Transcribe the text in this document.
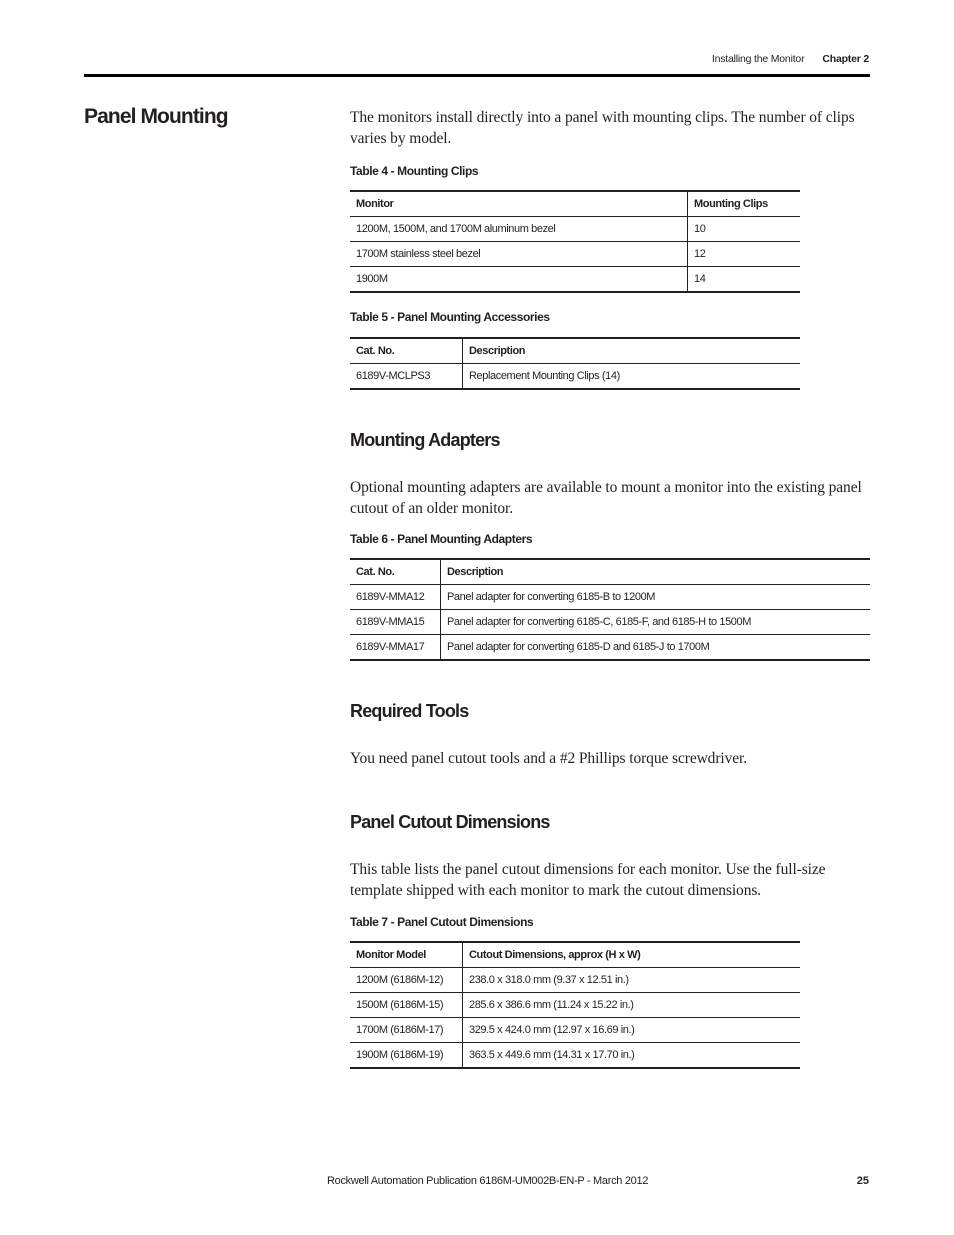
Installing the Monitor Chapter 2
Panel Mounting	The monitors install directly into a panel with mounting clips. The number of clips varies by model.

Table 4 - Mounting Clips
Monitor	Mounting Clips
1200M, 1500M, and 1700M aluminum bezel	10
1700M stainless steel bezel	12
1900M	14
Table 5 - Panel Mounting Accessories
Cat. No.	Description
6189V-MCLPS3	Replacement Mounting Clips (14)
Mounting Adapters

Optional mounting adapters are available to mount a monitor into the existing panel cutout of an older monitor.

Table 6 - Panel Mounting Adapters
Cat. No.	Description
6189V-MMA12	Panel adapter for converting 6185-B to 1200M
6189V-MMA15	Panel adapter for converting 6185-C, 6185-F, and 6185-H to 1500M
6189V-MMA17	Panel adapter for converting 6185-D and 6185-J to 1700M
Required Tools

You need panel cutout tools and a #2 Phillips torque screwdriver.

Panel Cutout Dimensions

This table lists the panel cutout dimensions for each monitor. Use the full-size template shipped with each monitor to mark the cutout dimensions.

Table 7 - Panel Cutout Dimensions
Monitor Model	Cutout Dimensions, approx (H x W)
1200M (6186M-12)	238.0 x 318.0 mm (9.37 x 12.51 in.)
1500M (6186M-15)	285.6 x 386.6 mm (11.24 x 15.22 in.)
1700M (6186M-17)	329.5 x 424.0 mm (12.97 x 16.69 in.)
1900M (6186M-19)	363.5 x 449.6 mm (14.31 x 17.70 in.)
Rockwell Automation Publication 6186M-UM002B-EN-P - March 2012	25
